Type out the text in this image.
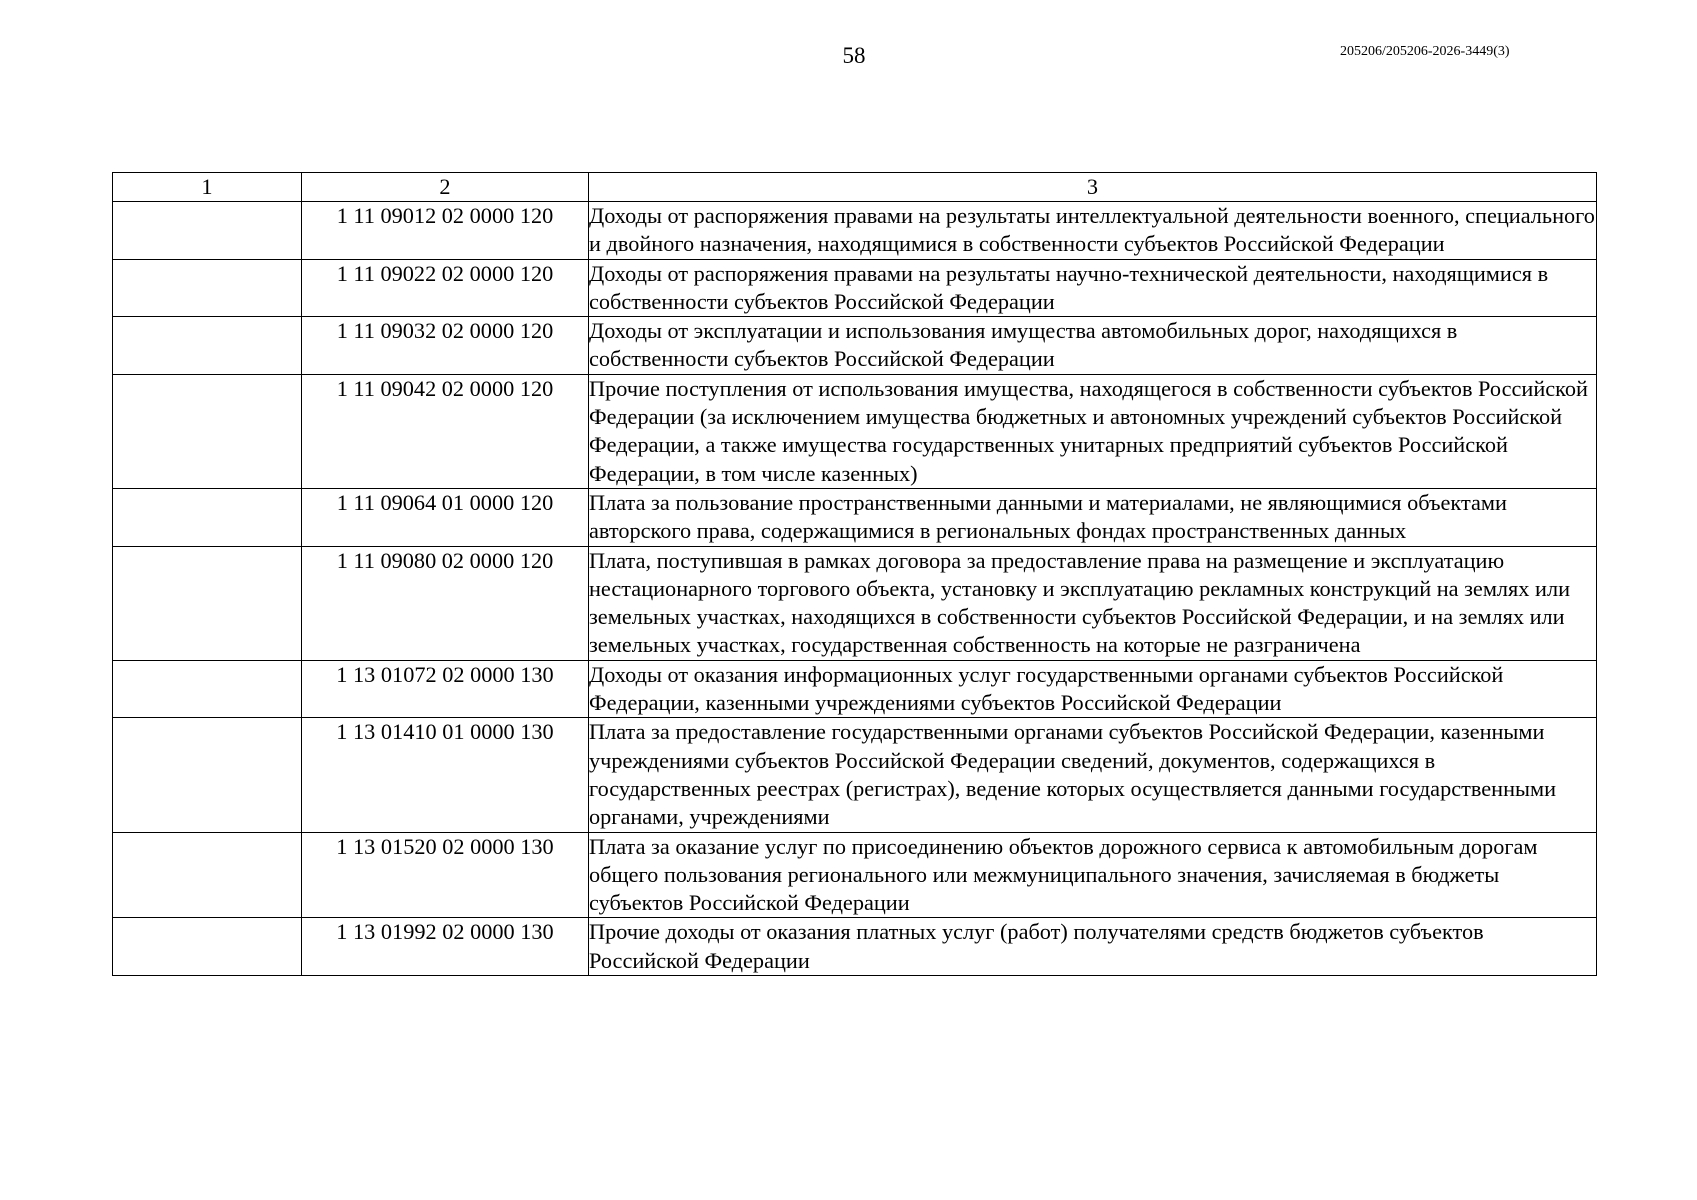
58	205206/205206-2026-3449(3)
1	2	3
	1 11 09012 02 0000 120	Доходы от распоряжения правами на результаты интеллектуальной деятельности военного, специального и двойного назначения, находящимися в собственности субъектов Российской Федерации
	1 11 09022 02 0000 120	Доходы от распоряжения правами на результаты научно-технической деятельности, находящимися в собственности субъектов Российской Федерации
	1 11 09032 02 0000 120	Доходы от эксплуатации и использования имущества автомобильных дорог, находящихся в собственности субъектов Российской Федерации
	1 11 09042 02 0000 120	Прочие поступления от использования имущества, находящегося в собственности субъектов Российской Федерации (за исключением имущества бюджетных и автономных учреждений субъектов Российской Федерации, а также имущества государственных унитарных предприятий субъектов Российской Федерации, в том числе казенных)
	1 11 09064 01 0000 120	Плата за пользование пространственными данными и материалами, не являющимися объектами авторского права, содержащимися в региональных фондах пространственных данных
	1 11 09080 02 0000 120	Плата, поступившая в рамках договора за предоставление права на размещение и эксплуатацию нестационарного торгового объекта, установку и эксплуатацию рекламных конструкций на землях или земельных участках, находящихся в собственности субъектов Российской Федерации, и на землях или земельных участках, государственная собственность на которые не разграничена
	1 13 01072 02 0000 130	Доходы от оказания информационных услуг государственными органами субъектов Российской Федерации, казенными учреждениями субъектов Российской Федерации
	1 13 01410 01 0000 130	Плата за предоставление государственными органами субъектов Российской Федерации, казенными учреждениями субъектов Российской Федерации сведений, документов, содержащихся в государственных реестрах (регистрах), ведение которых осуществляется данными государственными органами, учреждениями
	1 13 01520 02 0000 130	Плата за оказание услуг по присоединению объектов дорожного сервиса к автомобильным дорогам общего пользования регионального или межмуниципального значения, зачисляемая в бюджеты субъектов Российской Федерации
	1 13 01992 02 0000 130	Прочие доходы от оказания платных услуг (работ) получателями средств бюджетов субъектов Российской Федерации
